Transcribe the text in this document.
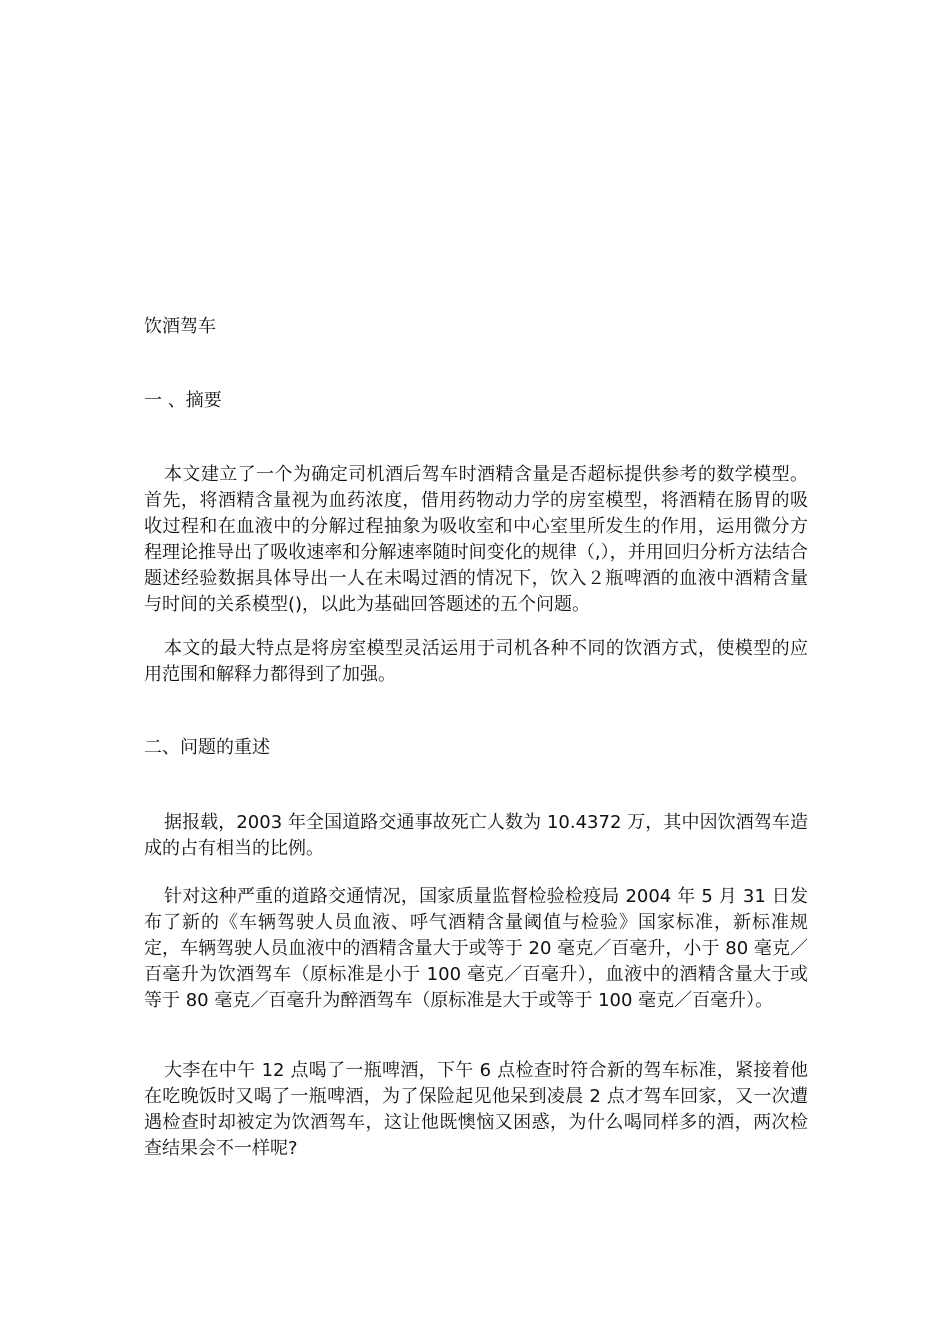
饮酒驾车
一 、摘要

本文建立了一个为确定司机酒后驾车时酒精含量是否超标提供参考的数学模型。首先，将酒精含量视为血药浓度，借用药物动力学的房室模型，将酒精在肠胃的吸收过程和在血液中的分解过程抽象为吸收室和中心室里所发生的作用，运用微分方程理论推导出了吸收速率和分解速率随时间变化的规律（,），并用回归分析方法结合题述经验数据具体导出一人在未喝过酒的情况下，饮入２瓶啤酒的血液中酒精含量与时间的关系模型()，以此为基础回答题述的五个问题。

本文的最大特点是将房室模型灵活运用于司机各种不同的饮酒方式，使模型的应用范围和解释力都得到了加强。

二、问题的重述

据报载，2003 年全国道路交通事故死亡人数为 10.4372 万，其中因饮酒驾车造成的占有相当的比例。

针对这种严重的道路交通情况，国家质量监督检验检疫局 2004 年 5 月 31 日发布了新的《车辆驾驶人员血液、呼气酒精含量阈值与检验》国家标准，新标准规定，车辆驾驶人员血液中的酒精含量大于或等于 20 毫克／百毫升，小于 80 毫克／百毫升为饮酒驾车（原标准是小于 100 毫克／百毫升），血液中的酒精含量大于或等于 80 毫克／百毫升为醉酒驾车（原标准是大于或等于 100 毫克／百毫升）。

大李在中午 12 点喝了一瓶啤酒，下午 6 点检查时符合新的驾车标准，紧接着他在吃晚饭时又喝了一瓶啤酒，为了保险起见他呆到凌晨 2 点才驾车回家，又一次遭遇检查时却被定为饮酒驾车，这让他既懊恼又困惑，为什么喝同样多的酒，两次检查结果会不一样呢?
